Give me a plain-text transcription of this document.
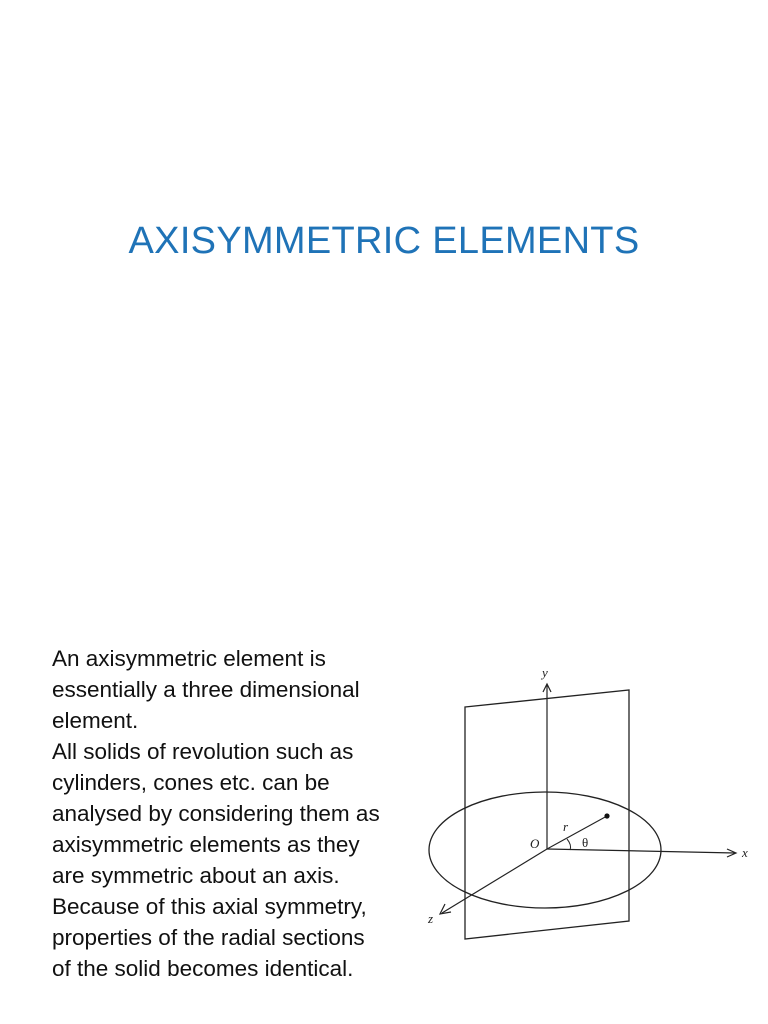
AXISYMMETRIC ELEMENTS

An axisymmetric element is essentially a three dimensional element.

All solids of revolution such as cylinders, cones etc. can be analysed by considering them as axisymmetric elements as they are symmetric about an axis.

Because of this axial symmetry, properties of the radial sections of the solid becomes identical.

y
x
z
O
r
θ
